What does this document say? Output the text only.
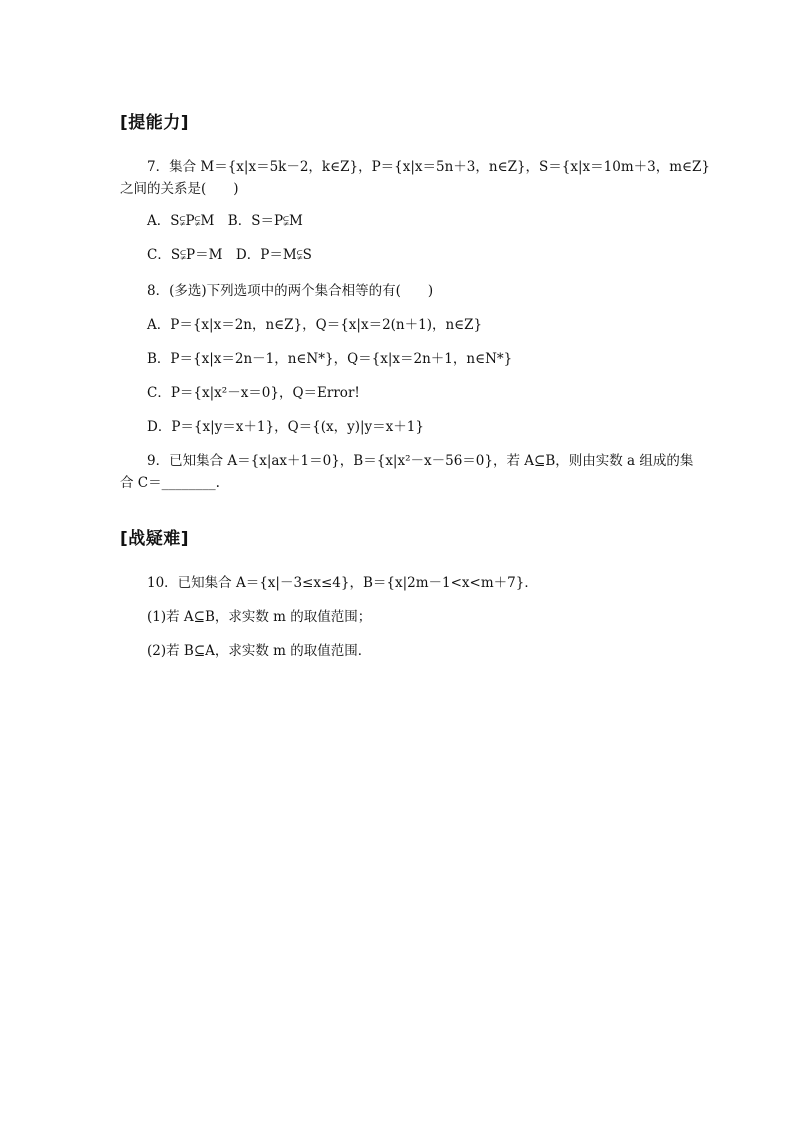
[提能力]
7．集合 M＝{x|x＝5k－2，k∈Z}，P＝{x|x＝5n＋3，n∈Z}，S＝{x|x＝10m＋3，m∈Z}
之间的关系是(　　)
A．S⫋P⫋M　B．S＝P⫋M
C．S⫋P＝M　D．P＝M⫋S
8．(多选)下列选项中的两个集合相等的有(　　)
A．P＝{x|x＝2n，n∈Z}，Q＝{x|x＝2(n＋1)，n∈Z}
B．P＝{x|x＝2n－1，n∈N*}，Q＝{x|x＝2n＋1，n∈N*}
C．P＝{x|x²－x＝0}，Q＝Error!
D．P＝{x|y＝x＋1}，Q＝{(x，y)|y＝x＋1}
9．已知集合 A＝{x|ax＋1＝0}，B＝{x|x²－x－56＝0}，若 A⊆B，则由实数 a 组成的集
合 C＝________.
[战疑难]
10．已知集合 A＝{x|－3≤x≤4}，B＝{x|2m－1<x<m＋7}．
(1)若 A⊆B，求实数 m 的取值范围；
(2)若 B⊆A，求实数 m 的取值范围．
